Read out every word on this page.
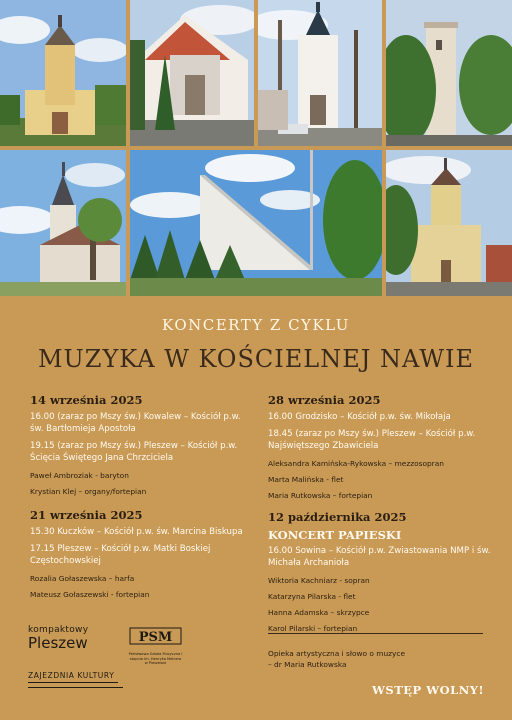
KONCERTY Z CYKLU
MUZYKA W KOŚCIELNEJ NAWIE
14 września 2025
16.00 (zaraz po Mszy św.) Kowalew – Kościół p.w. św. Bartłomieja Apostoła
19.15 (zaraz po Mszy św.) Pleszew – Kościół p.w. Ścięcia Świętego Jana Chrzciciela
Paweł Ambroziak - baryton
Krystian Klej – organy/fortepian
21 września 2025
15.30 Kuczków – Kościół p.w. św. Marcina Biskupa
17.15 Pleszew – Kościół p.w. Matki Boskiej Częstochowskiej
Rozalia Gołaszewska – harfa
Mateusz Gołaszewski - fortepian
28 września 2025
16.00 Grodzisko – Kościół p.w. św. Mikołaja
18.45 (zaraz po Mszy św.) Pleszew – Kościół p.w. Najświętszego Zbawiciela
Aleksandra Kamińska-Rykowska – mezzosopran
Marta Malińska - flet
Maria Rutkowska – fortepian
12 października 2025
KONCERT PAPIESKI
16.00 Sowina – Kościół p.w. Zwiastowania NMP i św. Michała Archanioła
Wiktoria Kachniarz - sopran
Katarzyna Pilarska - flet
Hanna Adamska – skrzypce
Karol Pilarski – fortepian
Opieka artystyczna i słowo o muzyce
– dr Maria Rutkowska
WSTĘP WOLNY!
kompaktowy
Pleszew	PSM
Państwowa Szkoła Muzyczna I stopnia im. Henryka Melcera w Pleszewie
ZAJEZDNIA KULTURY
